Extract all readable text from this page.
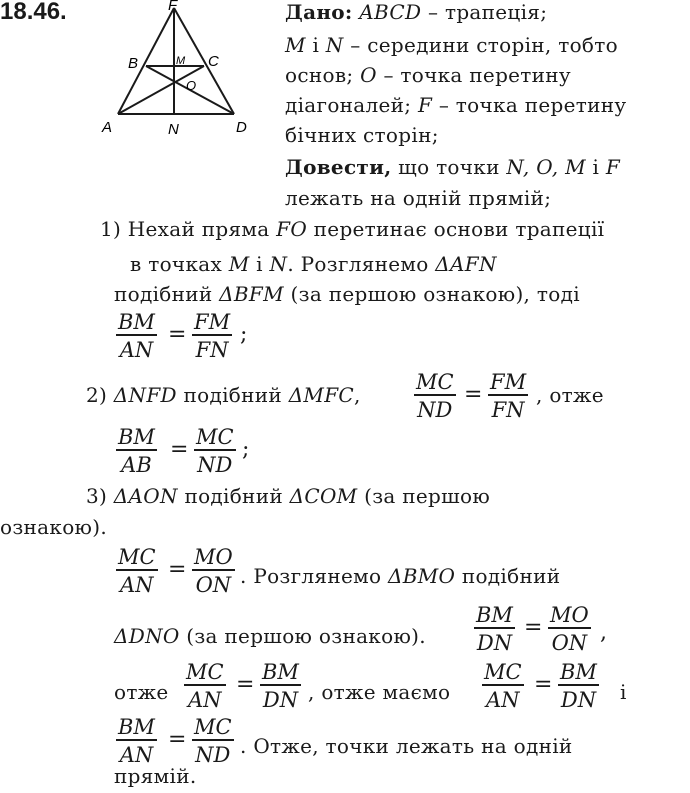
18.46.	F
B	C
M
O
A	N	D
Дано: ABCD – трапеція;
M і N – середини сторін, тобто
основ; O – точка перетину
діагоналей; F – точка перетину
бічних сторін;
Довести, що точки N, O, M і F
лежать на одній прямій;
1) Нехай пряма FO перетинає основи трапеції
в точках M і N. Розглянемо ΔAFN
подібний ΔBFM (за першою ознакою), тоді
$\frac{BM}{AN} = \frac{FM}{FN}$ ;
2) ΔNFD подібний ΔMFC,	$\frac{MC}{ND} = \frac{FM}{FN}$ , отже
$\frac{BM}{AB} = \frac{MC}{ND}$ ;
3) ΔAON подібний ΔCOM (за першою
ознакою).
$\frac{MC}{AN} = \frac{MO}{ON}$ . Розглянемо ΔBMO подібний
ΔDNO (за першою ознакою). $\frac{BM}{DN} = \frac{MO}{ON}$ ,
отже $\frac{MC}{AN} = \frac{BM}{DN}$ , отже маємо $\frac{MC}{AN} = \frac{BM}{DN}$ і
$\frac{BM}{AN} = \frac{MC}{ND}$ . Отже, точки лежать на одній
прямій.
